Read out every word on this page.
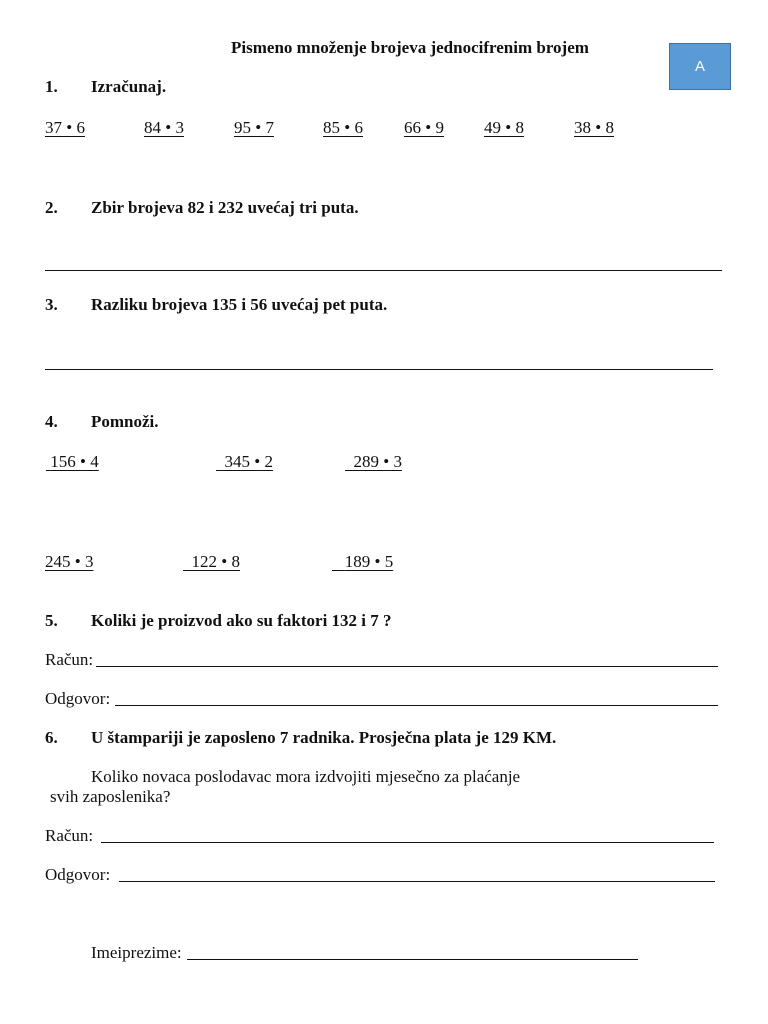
Pismeno množenje brojeva jednocifrenim brojem
A
1. Izračunaj.
37 • 6	84 • 3	95 • 7	85 • 6 66 • 9 49 • 8	38 • 8
2. Zbir brojeva 82 i 232 uvećaj tri puta.
3. Razliku brojeva 135 i 56 uvećaj pet puta.
4. Pomnoži.
156 • 4	345 • 2	289 • 3
245 • 3	122 • 8	189 • 5
5. Koliki je proizvod ako su faktori 132 i 7 ?
Račun:
Odgovor:
6. U štampariji je zaposleno 7 radnika. Prosječna plata je 129 KM.
Koliko novaca poslodavac mora izdvojiti mjesečno za plaćanje
svih zaposlenika?
Račun:
Odgovor:
Imeiprezime:
